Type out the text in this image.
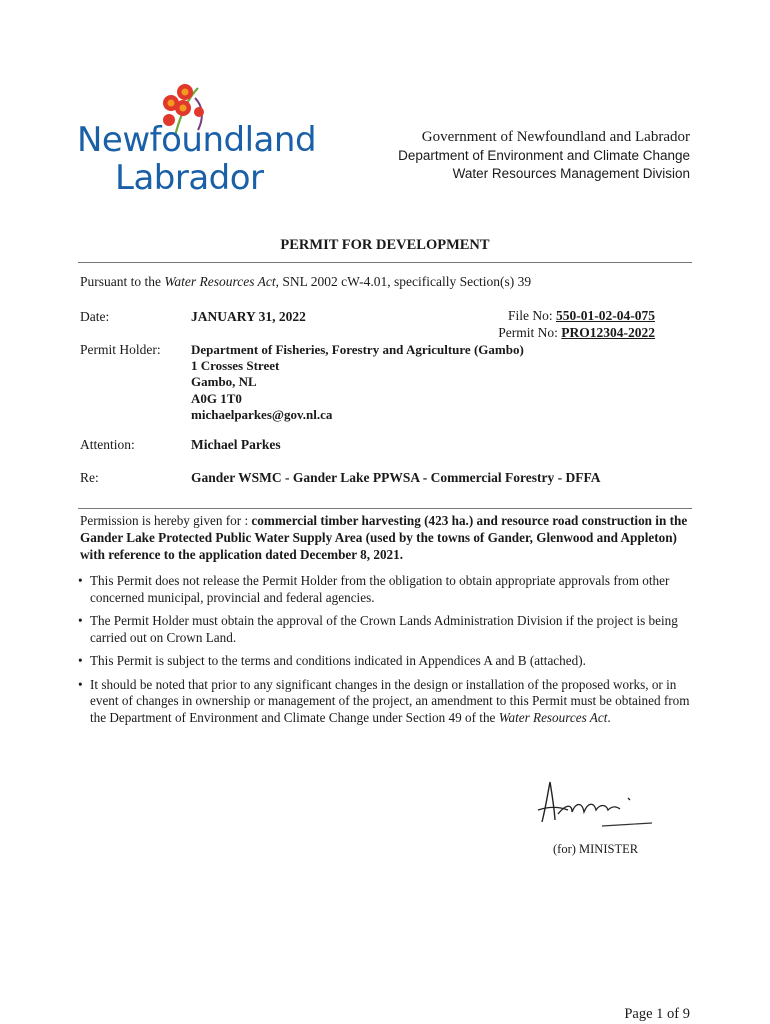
Newfoundland
Labrador
Government of Newfoundland and Labrador
Department of Environment and Climate Change
Water Resources Management Division
PERMIT FOR DEVELOPMENT
Pursuant to the Water Resources Act, SNL 2002 cW-4.01, specifically Section(s) 39
Date:	JANUARY 31, 2022	File No: 550-01-02-04-075
Permit No: PRO12304-2022
Permit Holder: Department of Fisheries, Forestry and Agriculture (Gambo)
1 Crosses Street
Gambo, NL
A0G 1T0
michaelparkes@gov.nl.ca
Attention:	Michael Parkes
Re:	Gander WSMC - Gander Lake PPWSA - Commercial Forestry - DFFA
Permission is hereby given for : commercial timber harvesting (423 ha.) and resource road construction in the Gander Lake Protected Public Water Supply Area (used by the towns of Gander, Glenwood and Appleton) with reference to the application dated December 8, 2021.
• This Permit does not release the Permit Holder from the obligation to obtain appropriate approvals from other concerned municipal, provincial and federal agencies.
• The Permit Holder must obtain the approval of the Crown Lands Administration Division if the project is being carried out on Crown Land.
• This Permit is subject to the terms and conditions indicated in Appendices A and B (attached).
• It should be noted that prior to any significant changes in the design or installation of the proposed works, or in event of changes in ownership or management of the project, an amendment to this Permit must be obtained from the Department of Environment and Climate Change under Section 49 of the Water Resources Act.
(for) MINISTER
Page 1 of 9
